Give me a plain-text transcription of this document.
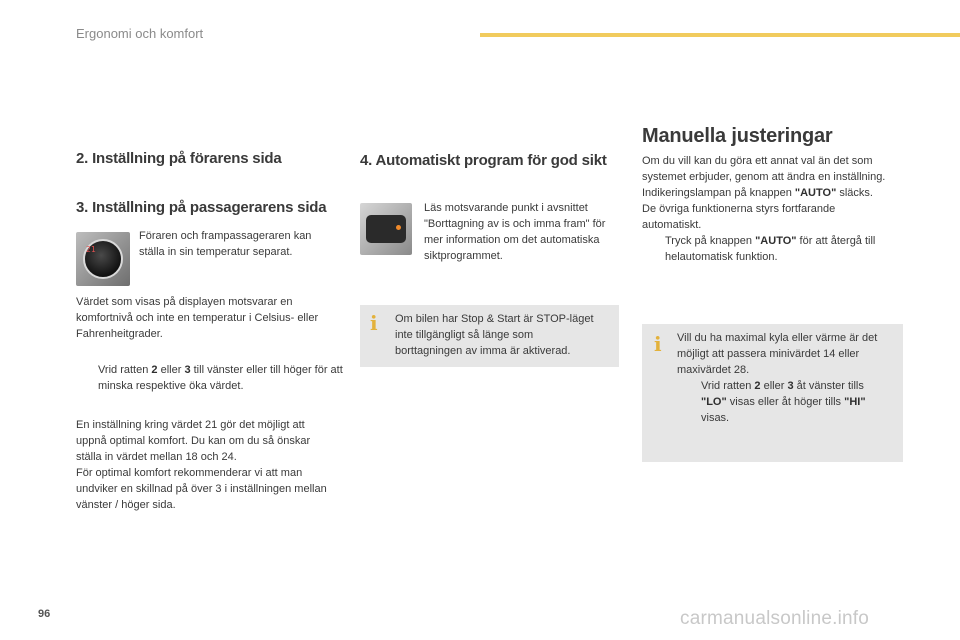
Ergonomi och komfort
2. Inställning på förarens sida
3. Inställning på passagerarens sida
21

Föraren och frampassageraren kan ställa in sin temperatur separat.

Värdet som visas på displayen motsvarar en komfortnivå och inte en temperatur i Celsius- eller Fahrenheitgrader.

Vrid ratten 2 eller 3 till vänster eller till höger för att minska respektive öka värdet.

En inställning kring värdet 21 gör det möjligt att uppnå optimal komfort. Du kan om du så önskar ställa in värdet mellan 18 och 24.

För optimal komfort rekommenderar vi att man undviker en skillnad på över 3 i inställningen mellan vänster / höger sida.

4. Automatiskt program för god sikt

Läs motsvarande punkt i avsnittet "Borttagning av is och imma fram" för mer information om det automatiska siktprogrammet.

i Om bilen har Stop & Start är STOP-läget inte tillgängligt så länge som borttagningen av imma är aktiverad.

Manuella justeringar

Om du vill kan du göra ett annat val än det som systemet erbjuder, genom att ändra en inställning. Indikeringslampan på knappen "AUTO" släcks. De övriga funktionerna styrs fortfarande automatiskt.

Tryck på knappen "AUTO" för att återgå till helautomatisk funktion.
i Vill du ha maximal kyla eller värme är det möjligt att passera minivärdet 14 eller maxivärdet 28.

Vrid ratten 2 eller 3 åt vänster tills "LO" visas eller åt höger tills "HI" visas.
96	carmanualsonline.info
